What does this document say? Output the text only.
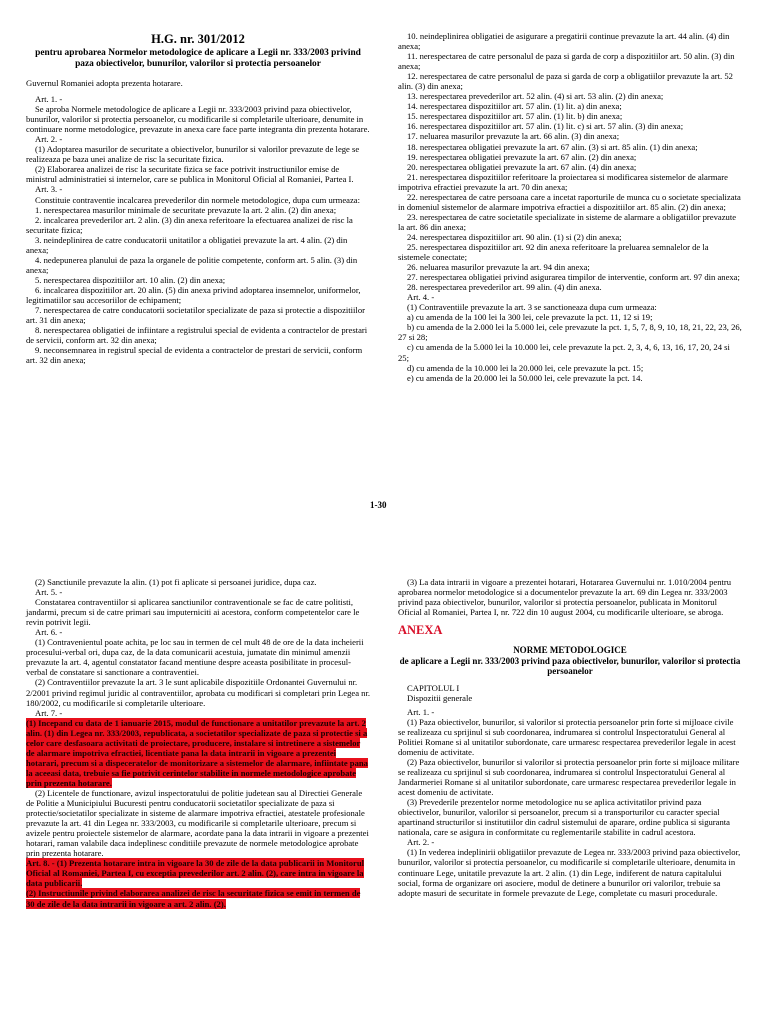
H.G. nr. 301/2012
pentru aprobarea Normelor metodologice de aplicare a Legii nr. 333/2003 privind paza obiectivelor, bunurilor, valorilor si protectia persoanelor

Guvernul Romaniei adopta prezenta hotarare.

Art. 1. -

Se aproba Normele metodologice de aplicare a Legii nr. 333/2003 privind paza obiectivelor, bunurilor, valorilor si protectia persoanelor, cu modificarile si completarile ulterioare, denumite in continuare norme metodologice, prevazute in anexa care face parte integranta din prezenta hotarare.

Art. 2. -

(1) Adoptarea masurilor de securitate a obiectivelor, bunurilor si valorilor prevazute de lege se realizeaza pe baza unei analize de risc la securitate fizica.

(2) Elaborarea analizei de risc la securitate fizica se face potrivit instructiunilor emise de ministrul administratiei si internelor, care se publica in Monitorul Oficial al Romaniei, Partea I.

Art. 3. -

Constituie contraventie incalcarea prevederilor din normele metodologice, dupa cum urmeaza:

1. nerespectarea masurilor minimale de securitate prevazute la art. 2 alin. (2) din anexa;

2. incalcarea prevederilor art. 2 alin. (3) din anexa referitoare la efectuarea analizei de risc la securitate fizica;

3. neindeplinirea de catre conducatorii unitatilor a obligatiei prevazute la art. 4 alin. (2) din anexa;

4. nedepunerea planului de paza la organele de politie competente, conform art. 5 alin. (3) din anexa;

5. nerespectarea dispozitiilor art. 10 alin. (2) din anexa;

6. incalcarea dispozitiilor art. 20 alin. (5) din anexa privind adoptarea insemnelor, uniformelor, legitimatiilor sau accesoriilor de echipament;

7. nerespectarea de catre conducatorii societatilor specializate de paza si protectie a dispozitiilor art. 31 din anexa;

8. nerespectarea obligatiei de infiintare a registrului special de evidenta a contractelor de prestari de servicii, conform art. 32 din anexa;

9. neconsemnarea in registrul special de evidenta a contractelor de prestari de servicii, conform art. 32 din anexa;

10. neindeplinirea obligatiei de asigurare a pregatirii continue prevazute la art. 44 alin. (4) din anexa;

11. nerespectarea de catre personalul de paza si garda de corp a dispozitiilor art. 50 alin. (3) din anexa;

12. nerespectarea de catre personalul de paza si garda de corp a obligatiilor prevazute la art. 52 alin. (3) din anexa;

13. nerespectarea prevederilor art. 52 alin. (4) si art. 53 alin. (2) din anexa;

14. nerespectarea dispozitiilor art. 57 alin. (1) lit. a) din anexa;

15. nerespectarea dispozitiilor art. 57 alin. (1) lit. b) din anexa;

16. nerespectarea dispozitiilor art. 57 alin. (1) lit. c) si art. 57 alin. (3) din anexa;

17. neluarea masurilor prevazute la art. 66 alin. (3) din anexa;

18. nerespectarea obligatiei prevazute la art. 67 alin. (3) si art. 85 alin. (1) din anexa;

19. nerespectarea obligatiei prevazute la art. 67 alin. (2) din anexa;

20. nerespectarea obligatiei prevazute la art. 67 alin. (4) din anexa;

21. nerespectarea dispozitiilor referitoare la proiectarea si modificarea sistemelor de alarmare impotriva efractiei prevazute la art. 70 din anexa;

22. nerespectarea de catre persoana care a incetat raporturile de munca cu o societate specializata in domeniul sistemelor de alarmare impotriva efractiei a dispozitiilor art. 85 alin. (2) din anexa;

23. nerespectarea de catre societatile specializate in sisteme de alarmare a obligatiilor prevazute la art. 86 din anexa;

24. nerespectarea dispozitiilor art. 90 alin. (1) si (2) din anexa;

25. nerespectarea dispozitiilor art. 92 din anexa referitoare la preluarea semnalelor de la sistemele conectate;

26. neluarea masurilor prevazute la art. 94 din anexa;

27. nerespectarea obligatiei privind asigurarea timpilor de interventie, conform art. 97 din anexa;

28. nerespectarea prevederilor art. 99 alin. (4) din anexa.

Art. 4. -

(1) Contraventiile prevazute la art. 3 se sanctioneaza dupa cum urmeaza:

a) cu amenda de la 100 lei la 300 lei, cele prevazute la pct. 11, 12 si 19;

b) cu amenda de la 2.000 lei la 5.000 lei, cele prevazute la pct. 1, 5, 7, 8, 9, 10, 18, 21, 22, 23, 26, 27 si 28;

c) cu amenda de la 5.000 lei la 10.000 lei, cele prevazute la pct. 2, 3, 4, 6, 13, 16, 17, 20, 24 si 25;

d) cu amenda de la 10.000 lei la 20.000 lei, cele prevazute la pct. 15;

e) cu amenda de la 20.000 lei la 50.000 lei, cele prevazute la pct. 14.

1-30

(2) Sanctiunile prevazute la alin. (1) pot fi aplicate si persoanei juridice, dupa caz.

Art. 5. -

Constatarea contraventiilor si aplicarea sanctiunilor contraventionale se fac de catre politisti, jandarmi, precum si de catre primari sau imputerniciti ai acestora, conform competentelor care le revin potrivit legii.

Art. 6. -

(1) Contravenientul poate achita, pe loc sau in termen de cel mult 48 de ore de la data incheierii procesului-verbal ori, dupa caz, de la data comunicarii acestuia, jumatate din minimul amenzii prevazute la art. 4, agentul constatator facand mentiune despre aceasta posibilitate in procesul-verbal de constatare si sanctionare a contraventiei.

(2) Contraventiilor prevazute la art. 3 le sunt aplicabile dispozitiile Ordonantei Guvernului nr. 2/2001 privind regimul juridic al contraventiilor, aprobata cu modificari si completari prin Legea nr. 180/2002, cu modificarile si completarile ulterioare.

Art. 7. -

(1) Incepand cu data de 1 ianuarie 2015, modul de functionare a unitatilor prevazute la art. 2 alin. (1) din Legea nr. 333/2003, republicata, a societatilor specializate de paza si protectie si a celor care desfasoara activitati de proiectare, producere, instalare si intretinere a sistemelor de alarmare impotriva efractiei, licentiate pana la data intrarii in vigoare a prezentei hotarari, precum si a dispeceratelor de monitorizare a sistemelor de alarmare, infiintate pana la aceeasi data, trebuie sa fie potrivit cerintelor stabilite in normele metodologice aprobate prin prezenta hotarare.

(2) Licentele de functionare, avizul inspectoratului de politie judetean sau al Directiei Generale de Politie a Municipiului Bucuresti pentru conducatorii societatilor specializate de paza si protectie/societatilor specializate in sisteme de alarmare impotriva efractiei, atestatele profesionale prevazute la art. 41 din Legea nr. 333/2003, cu modificarile si completarile ulterioare, precum si avizele pentru proiectele sistemelor de alarmare, acordate pana la data intrarii in vigoare a prezentei hotarari, raman valabile daca indeplinesc conditiile prevazute de normele metodologice aprobate prin prezenta hotarare.

Art. 8. - (1) Prezenta hotarare intra in vigoare la 30 de zile de la data publicarii in Monitorul Oficial al Romaniei, Partea I, cu exceptia prevederilor art. 2 alin. (2), care intra in vigoare la data publicarii.

(2) Instructiunile privind elaborarea analizei de risc la securitate fizica se emit in termen de 30 de zile de la data intrarii in vigoare a art. 2 alin. (2).

(3) La data intrarii in vigoare a prezentei hotarari, Hotararea Guvernului nr. 1.010/2004 pentru aprobarea normelor metodologice si a documentelor prevazute la art. 69 din Legea nr. 333/2003 privind paza obiectivelor, bunurilor, valorilor si protectia persoanelor, publicata in Monitorul Oficial al Romaniei, Partea I, nr. 722 din 10 august 2004, cu modificarile ulterioare, se abroga.

ANEXA
NORME METODOLOGICE
de aplicare a Legii nr. 333/2003 privind paza obiectivelor, bunurilor, valorilor si protectia persoanelor

CAPITOLUL I

Dispozitii generale

Art. 1. -

(1) Paza obiectivelor, bunurilor, si valorilor si protectia persoanelor prin forte si mijloace civile se realizeaza cu sprijinul si sub coordonarea, indrumarea si controlul Inspectoratului General al Politiei Romane si al unitatilor subordonate, care urmaresc respectarea prevederilor legale in acest domeniu de activitate.

(2) Paza obiectivelor, bunurilor si valorilor si protectia persoanelor prin forte si mijloace militare se realizeaza cu sprijinul si sub coordonarea, indrumarea si controlul Inspectoratului General al Jandarmeriei Romane si al unitatilor subordonate, care urmaresc respectarea prevederilor legale in acest domeniu de activitate.

(3) Prevederile prezentelor norme metodologice nu se aplica activitatilor privind paza obiectivelor, bunurilor, valorilor si persoanelor, precum si a transporturilor cu caracter special apartinand structurilor si institutiilor din cadrul sistemului de aparare, ordine publica si siguranta nationala, care se asigura in conformitate cu reglementarile stabilite in cadrul acestora.

Art. 2. -

(1) In vederea indeplinirii obligatiilor prevazute de Legea nr. 333/2003 privind paza obiectivelor, bunurilor, valorilor si protectia persoanelor, cu modificarile si completarile ulterioare, denumita in continuare Lege, unitatile prevazute la art. 2 alin. (1) din Lege, indiferent de natura capitalului social, forma de organizare ori asociere, modul de detinere a bunurilor ori valorilor, trebuie sa adopte masuri de securitate in formele prevazute de Lege, completate cu masuri procedurale.
